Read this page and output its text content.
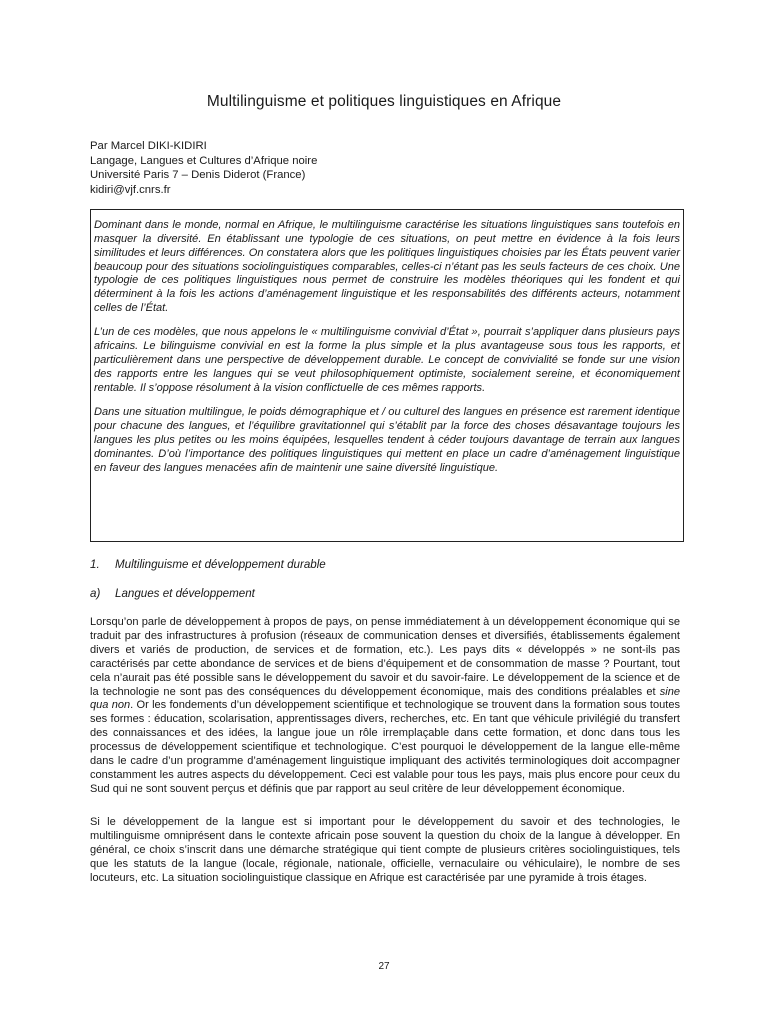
Multilinguisme et politiques linguistiques en Afrique
Par Marcel DIKI-KIDIRI
Langage, Langues et Cultures d’Afrique noire
Université Paris 7 – Denis Diderot (France)
kidiri@vjf.cnrs.fr

Dominant dans le monde, normal en Afrique, le multilinguisme caractérise les situations linguistiques sans toutefois en masquer la diversité. En établissant une typologie de ces situations, on peut mettre en évidence à la fois leurs similitudes et leurs différences. On constatera alors que les politiques linguistiques choisies par les États peuvent varier beaucoup pour des situations sociolinguistiques comparables, celles-ci n’étant pas les seuls facteurs de ces choix. Une typologie de ces politiques linguistiques nous permet de construire les modèles théoriques qui les fondent et qui déterminent à la fois les actions d’aménagement linguistique et les responsabilités des différents acteurs, notamment celles de l’État.

L’un de ces modèles, que nous appelons le « multilinguisme convivial d’État », pourrait s’appliquer dans plusieurs pays africains. Le bilinguisme convivial en est la forme la plus simple et la plus avantageuse sous tous les rapports, et particulièrement dans une perspective de développement durable. Le concept de convivialité se fonde sur une vision des rapports entre les langues qui se veut philosophiquement optimiste, socialement sereine, et économiquement rentable. Il s’oppose résolument à la vision conflictuelle de ces mêmes rapports.

Dans une situation multilingue, le poids démographique et / ou culturel des langues en présence est rarement identique pour chacune des langues, et l’équilibre gravitationnel qui s’établit par la force des choses désavantage toujours les langues les plus petites ou les moins équipées, lesquelles tendent à céder toujours davantage de terrain aux langues dominantes. D’où l’importance des politiques linguistiques qui mettent en place un cadre d’aménagement linguistique en faveur des langues menacées afin de maintenir une saine diversité linguistique.

1. Multilinguisme et développement durable
a) Langues et développement

Lorsqu’on parle de développement à propos de pays, on pense immédiatement à un développement économique qui se traduit par des infrastructures à profusion (réseaux de communication denses et diversifiés, établissements également divers et variés de production, de services et de formation, etc.). Les pays dits « développés » ne sont-ils pas caractérisés par cette abondance de services et de biens d’équipement et de consommation de masse ? Pourtant, tout cela n’aurait pas été possible sans le développement du savoir et du savoir-faire. Le développement de la science et de la technologie ne sont pas des conséquences du développement économique, mais des conditions préalables et sine qua non. Or les fondements d’un développement scientifique et technologique se trouvent dans la formation sous toutes ses formes : éducation, scolarisation, apprentissages divers, recherches, etc. En tant que véhicule privilégié du transfert des connaissances et des idées, la langue joue un rôle irremplaçable dans cette formation, et donc dans tous les processus de développement scientifique et technologique. C’est pourquoi le développement de la langue elle-même dans le cadre d’un programme d’aménagement linguistique impliquant des activités terminologiques doit accompagner constamment les autres aspects du développement. Ceci est valable pour tous les pays, mais plus encore pour ceux du Sud qui ne sont souvent perçus et définis que par rapport au seul critère de leur développement économique.

Si le développement de la langue est si important pour le développement du savoir et des technologies, le multilinguisme omniprésent dans le contexte africain pose souvent la question du choix de la langue à développer. En général, ce choix s’inscrit dans une démarche stratégique qui tient compte de plusieurs critères sociolinguistiques, tels que les statuts de la langue (locale, régionale, nationale, officielle, vernaculaire ou véhiculaire), le nombre de ses locuteurs, etc. La situation sociolinguistique classique en Afrique est caractérisée par une pyramide à trois étages.

27
